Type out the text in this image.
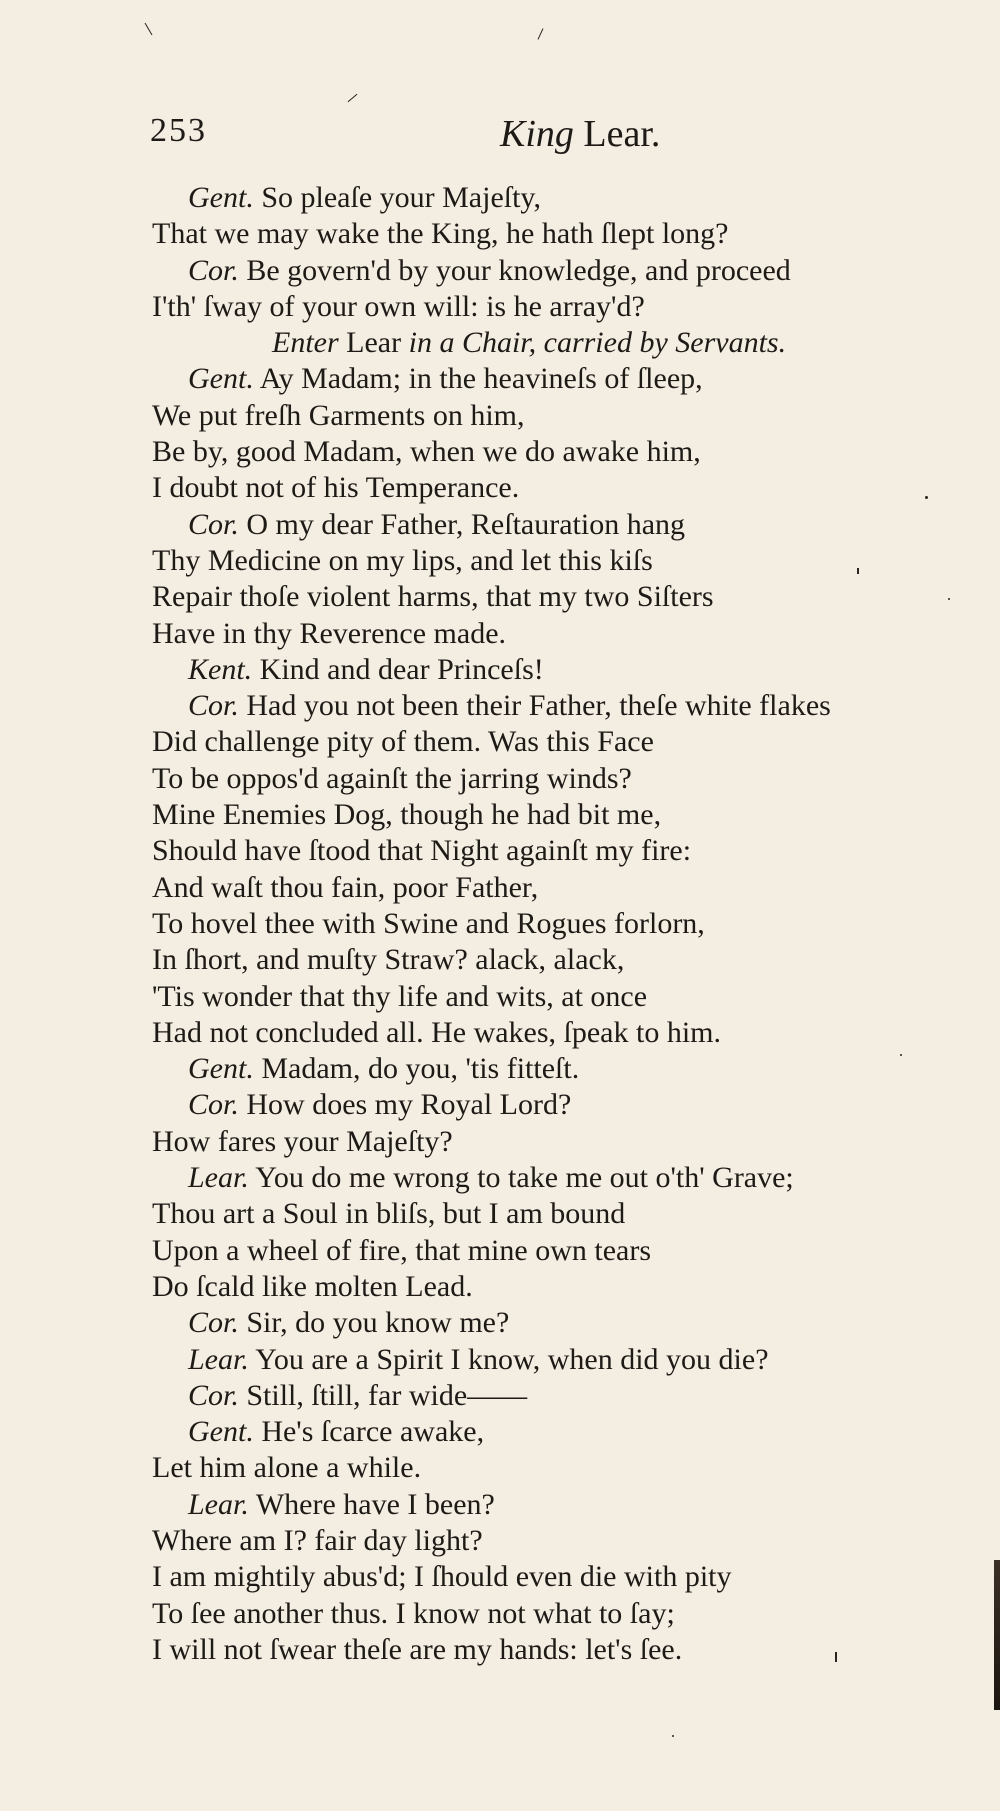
253	King Lear.
Gent. So pleaſe your Majeſty,
That we may wake the King, he hath ſlept long?
Cor. Be govern'd by your knowledge, and proceed
I'th' ſway of your own will: is he array'd?
Enter Lear in a Chair, carried by Servants.
Gent. Ay Madam; in the heavineſs of ſleep,
We put freſh Garments on him,
Be by, good Madam, when we do awake him,
I doubt not of his Temperance.
Cor. O my dear Father, Reſtauration hang
Thy Medicine on my lips, and let this kiſs
Repair thoſe violent harms, that my two Siſters
Have in thy Reverence made.
Kent. Kind and dear Princeſs!
Cor. Had you not been their Father, theſe white flakes
Did challenge pity of them. Was this Face
To be oppos'd againſt the jarring winds?
Mine Enemies Dog, though he had bit me,
Should have ſtood that Night againſt my fire:
And waſt thou fain, poor Father,
To hovel thee with Swine and Rogues forlorn,
In ſhort, and muſty Straw? alack, alack,
'Tis wonder that thy life and wits, at once
Had not concluded all. He wakes, ſpeak to him.
Gent. Madam, do you, 'tis fitteſt.
Cor. How does my Royal Lord?
How fares your Majeſty?
Lear. You do me wrong to take me out o'th' Grave;
Thou art a Soul in bliſs, but I am bound
Upon a wheel of fire, that mine own tears
Do ſcald like molten Lead.
Cor. Sir, do you know me?
Lear. You are a Spirit I know, when did you die?
Cor. Still, ſtill, far wide——
Gent. He's ſcarce awake,
Let him alone a while.
Lear. Where have I been?
Where am I? fair day light?
I am mightily abus'd; I ſhould even die with pity
To ſee another thus. I know not what to ſay;
I will not ſwear theſe are my hands: let's ſee.
